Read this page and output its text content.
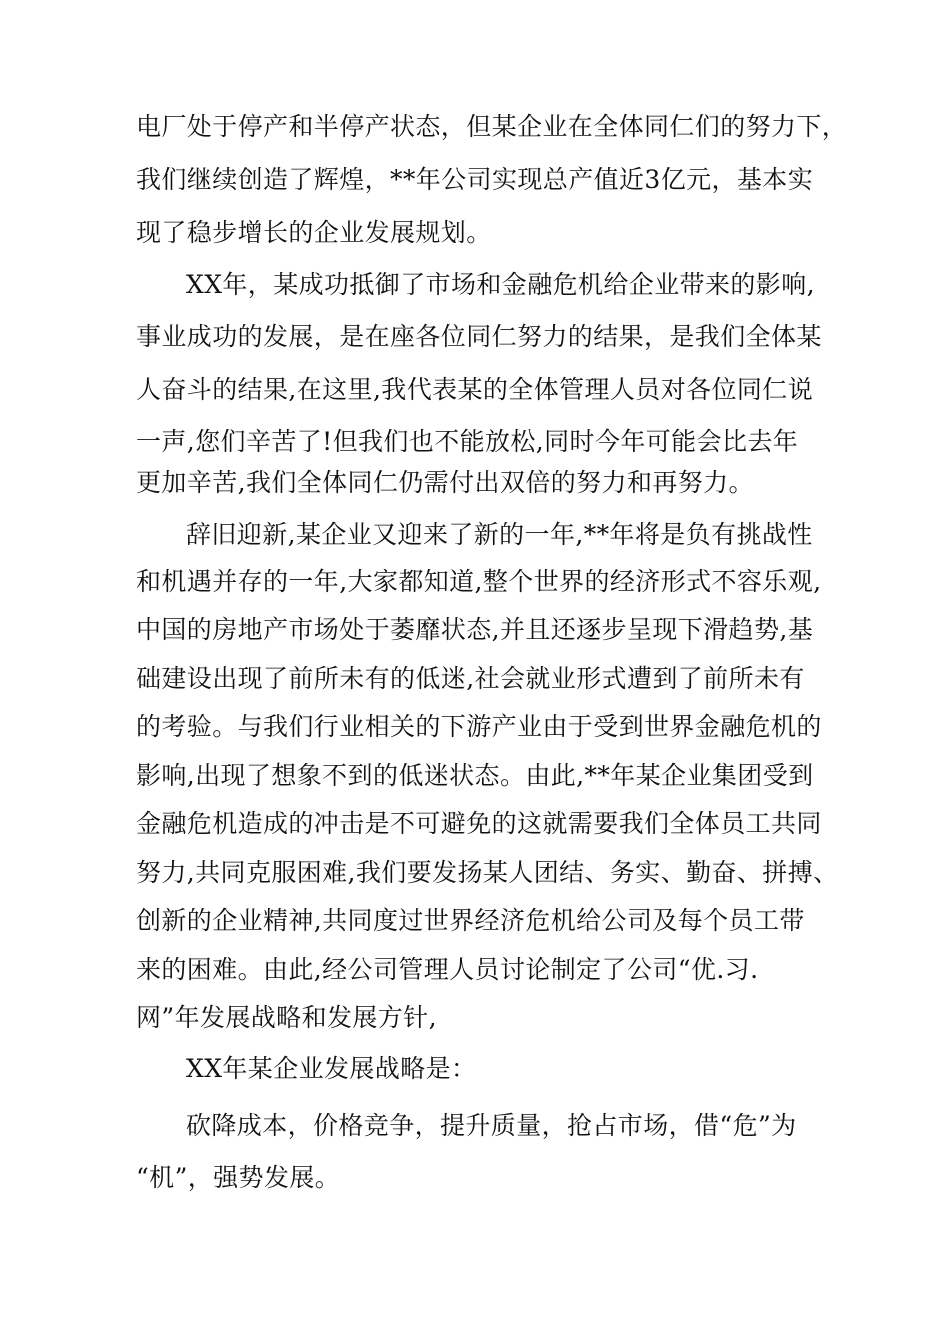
电厂处于停产和半停产状态，但某企业在全体同仁们的努力下，
我们继续创造了辉煌，**年公司实现总产值近3亿元，基本实
现了稳步增长的企业发展规划。
XX年，某成功抵御了市场和金融危机给企业带来的影响,
事业成功的发展，是在座各位同仁努力的结果，是我们全体某
人奋斗的结果,在这里,我代表某的全体管理人员对各位同仁说
一声,您们辛苦了!但我们也不能放松,同时今年可能会比去年
更加辛苦,我们全体同仁仍需付出双倍的努力和再努力。
辞旧迎新,某企业又迎来了新的一年,**年将是负有挑战性
和机遇并存的一年,大家都知道,整个世界的经济形式不容乐观,
中国的房地产市场处于萎靡状态,并且还逐步呈现下滑趋势,基
础建设出现了前所未有的低迷,社会就业形式遭到了前所未有
的考验。与我们行业相关的下游产业由于受到世界金融危机的
影响,出现了想象不到的低迷状态。由此,**年某企业集团受到
金融危机造成的冲击是不可避免的这就需要我们全体员工共同
努力,共同克服困难,我们要发扬某人团结、务实、勤奋、拼搏、
创新的企业精神,共同度过世界经济危机给公司及每个员工带
来的困难。由此,经公司管理人员讨论制定了公司“优.习.
网”年发展战略和发展方针,
XX年某企业发展战略是：
砍降成本，价格竞争，提升质量，抢占市场，借“危”为
“机”，强势发展。
